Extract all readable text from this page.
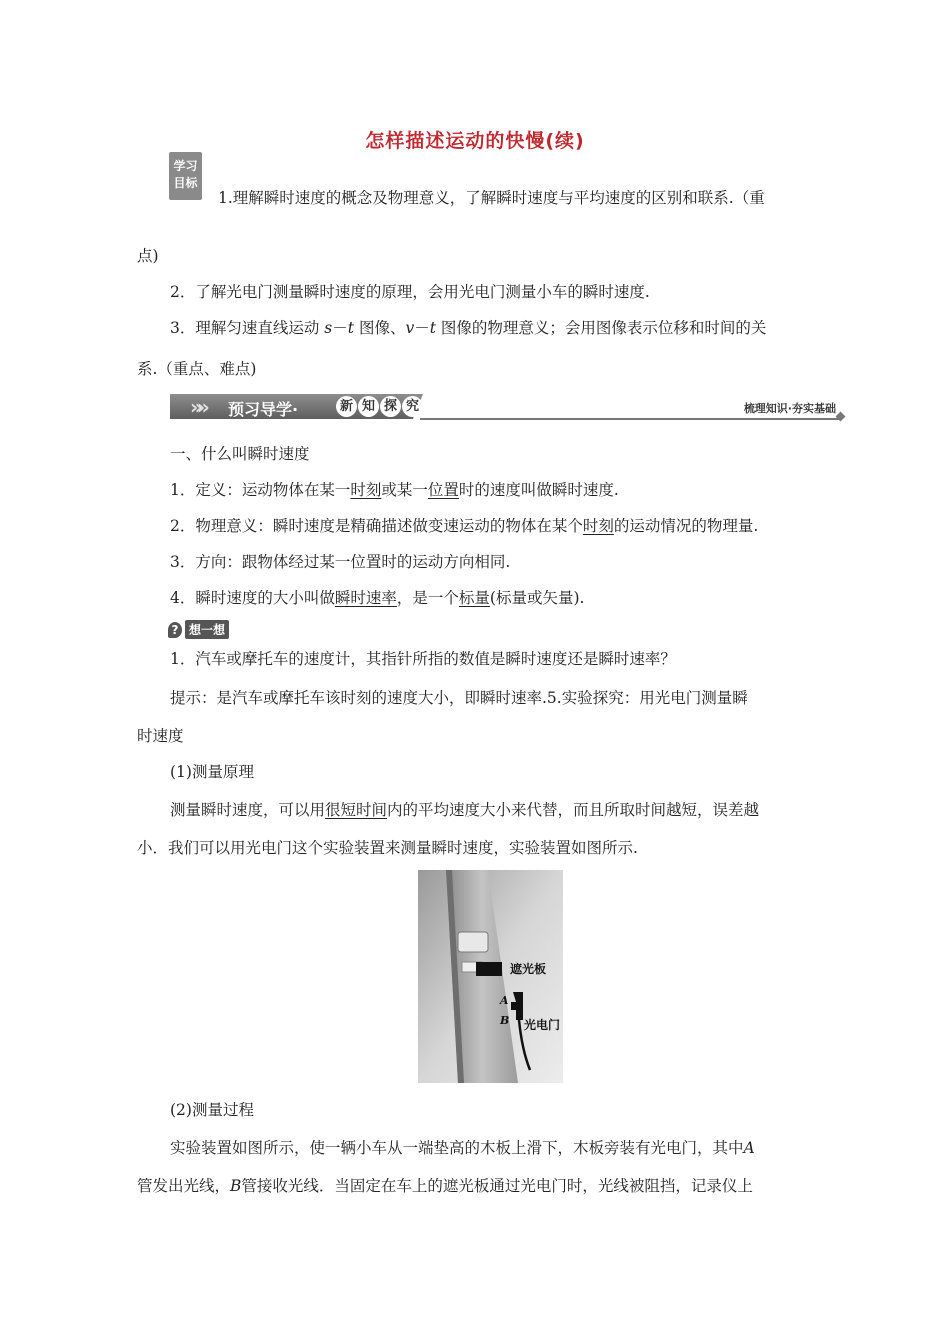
怎样描述运动的快慢(续)
学习
目标
1.理解瞬时速度的概念及物理意义，了解瞬时速度与平均速度的区别和联系.（重
点)
2．了解光电门测量瞬时速度的原理，会用光电门测量小车的瞬时速度.
3．理解匀速直线运动 s－t 图像、v－t 图像的物理意义；会用图像表示位移和时间的关
系.（重点、难点)
»» 预习导学·	新 知 探 究	梳理知识·夯实基础
一、什么叫瞬时速度
1．定义：运动物体在某一时刻或某一位置时的速度叫做瞬时速度.
2．物理意义：瞬时速度是精确描述做变速运动的物体在某个时刻的运动情况的物理量.
3．方向：跟物体经过某一位置时的运动方向相同.
4．瞬时速度的大小叫做瞬时速率，是一个标量(标量或矢量).
? 想一想
1．汽车或摩托车的速度计，其指针所指的数值是瞬时速度还是瞬时速率？
提示：是汽车或摩托车该时刻的速度大小，即瞬时速率.5.实验探究：用光电门测量瞬
时速度
(1)测量原理
测量瞬时速度，可以用很短时间内的平均速度大小来代替，而且所取时间越短，误差越
小．我们可以用光电门这个实验装置来测量瞬时速度，实验装置如图所示.
遮光板
A
B 光电门
(2)测量过程
实验装置如图所示，使一辆小车从一端垫高的木板上滑下，木板旁装有光电门，其中A
管发出光线，B管接收光线．当固定在车上的遮光板通过光电门时，光线被阻挡，记录仪上
